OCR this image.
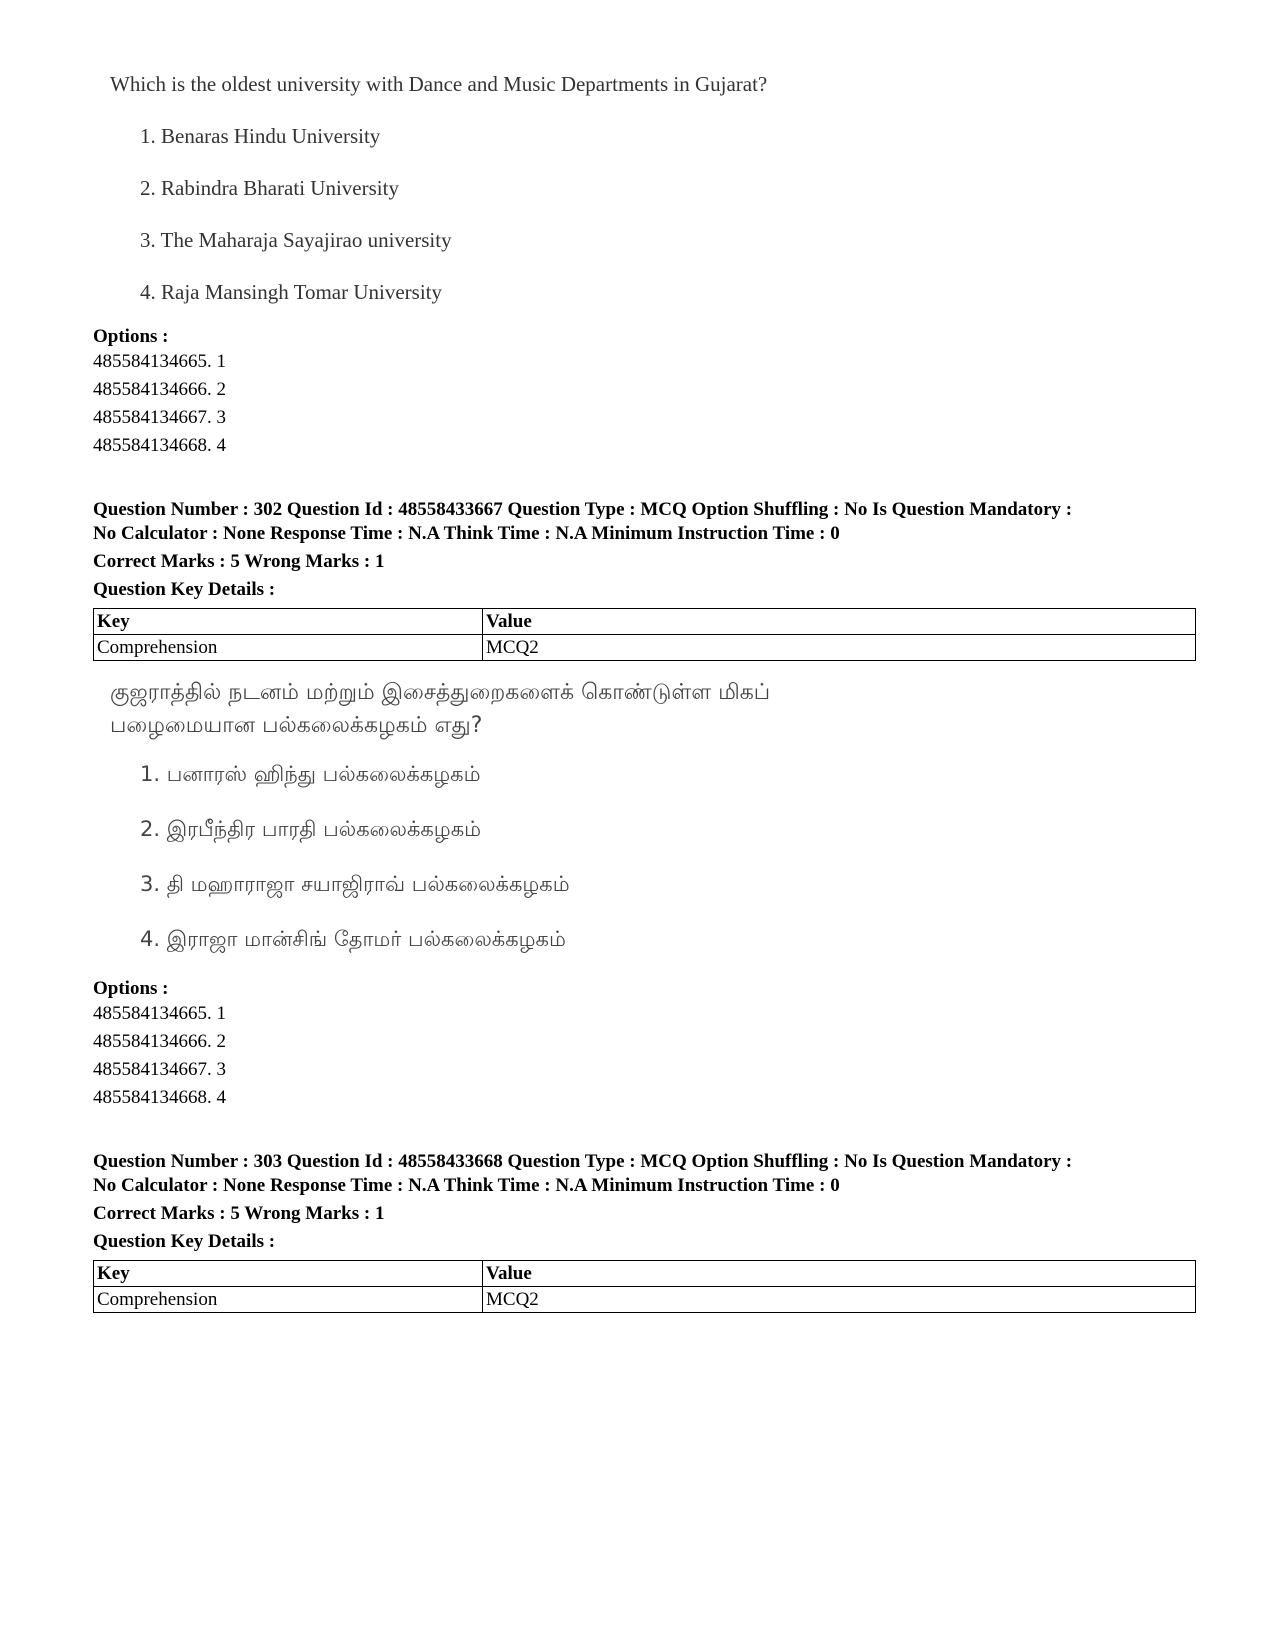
Which is the oldest university with Dance and Music Departments in Gujarat?
1. Benaras Hindu University
2. Rabindra Bharati University
3. The Maharaja Sayajirao university
4. Raja Mansingh Tomar University
Options :
485584134665. 1
485584134666. 2
485584134667. 3
485584134668. 4
Question Number : 302 Question Id : 48558433667 Question Type : MCQ Option Shuffling : No Is Question Mandatory :
No Calculator : None Response Time : N.A Think Time : N.A Minimum Instruction Time : 0
Correct Marks : 5 Wrong Marks : 1
Question Key Details :
Key	Value
Comprehension	MCQ2
குஜராத்தில் நடனம் மற்றும் இசைத்துறைகளைக் கொண்டுள்ள மிகப்
பழைமையான பல்கலைக்கழகம் எது?
1. பனாரஸ் ஹிந்து பல்கலைக்கழகம்
2. இரபீந்திர பாரதி பல்கலைக்கழகம்
3. தி மஹாராஜா சயாஜிராவ் பல்கலைக்கழகம்
4. இராஜா மான்சிங் தோமர் பல்கலைக்கழகம்
Options :
485584134665. 1
485584134666. 2
485584134667. 3
485584134668. 4
Question Number : 303 Question Id : 48558433668 Question Type : MCQ Option Shuffling : No Is Question Mandatory :
No Calculator : None Response Time : N.A Think Time : N.A Minimum Instruction Time : 0
Correct Marks : 5 Wrong Marks : 1
Question Key Details :
Key	Value
Comprehension	MCQ2
